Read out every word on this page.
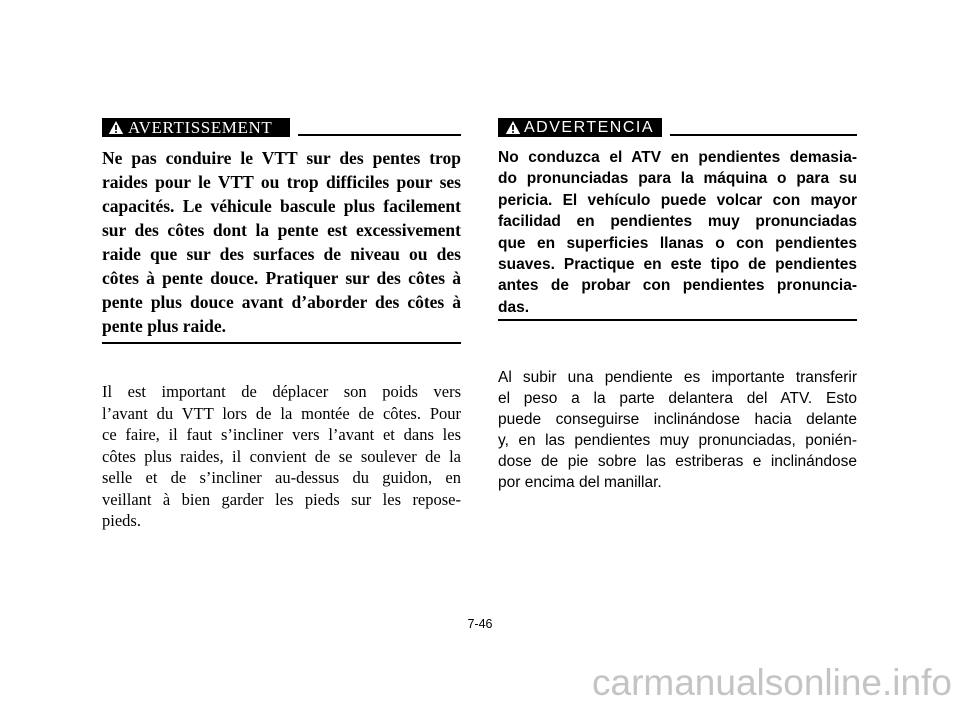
AVERTISSEMENT
Ne pas conduire le VTT sur des pentes trop
raides pour le VTT ou trop difficiles pour ses
capacités. Le véhicule bascule plus facilement
sur des côtes dont la pente est excessivement
raide que sur des surfaces de niveau ou des
côtes à pente douce. Pratiquer sur des côtes à
pente plus douce avant d’aborder des côtes à
pente plus raide.
Il est important de déplacer son poids vers
l’avant du VTT lors de la montée de côtes. Pour
ce faire, il faut s’incliner vers l’avant et dans les
côtes plus raides, il convient de se soulever de la
selle et de s’incliner au-dessus du guidon, en
veillant à bien garder les pieds sur les repose-
pieds.
ADVERTENCIA
No conduzca el ATV en pendientes demasia-
do pronunciadas para la máquina o para su
pericia. El vehículo puede volcar con mayor
facilidad en pendientes muy pronunciadas
que en superficies llanas o con pendientes
suaves. Practique en este tipo de pendientes
antes de probar con pendientes pronuncia-
das.
Al subir una pendiente es importante transferir
el peso a la parte delantera del ATV. Esto
puede conseguirse inclinándose hacia delante
y, en las pendientes muy pronunciadas, ponién-
dose de pie sobre las estriberas e inclinándose
por encima del manillar.
7-46
carmanualsonline.info
